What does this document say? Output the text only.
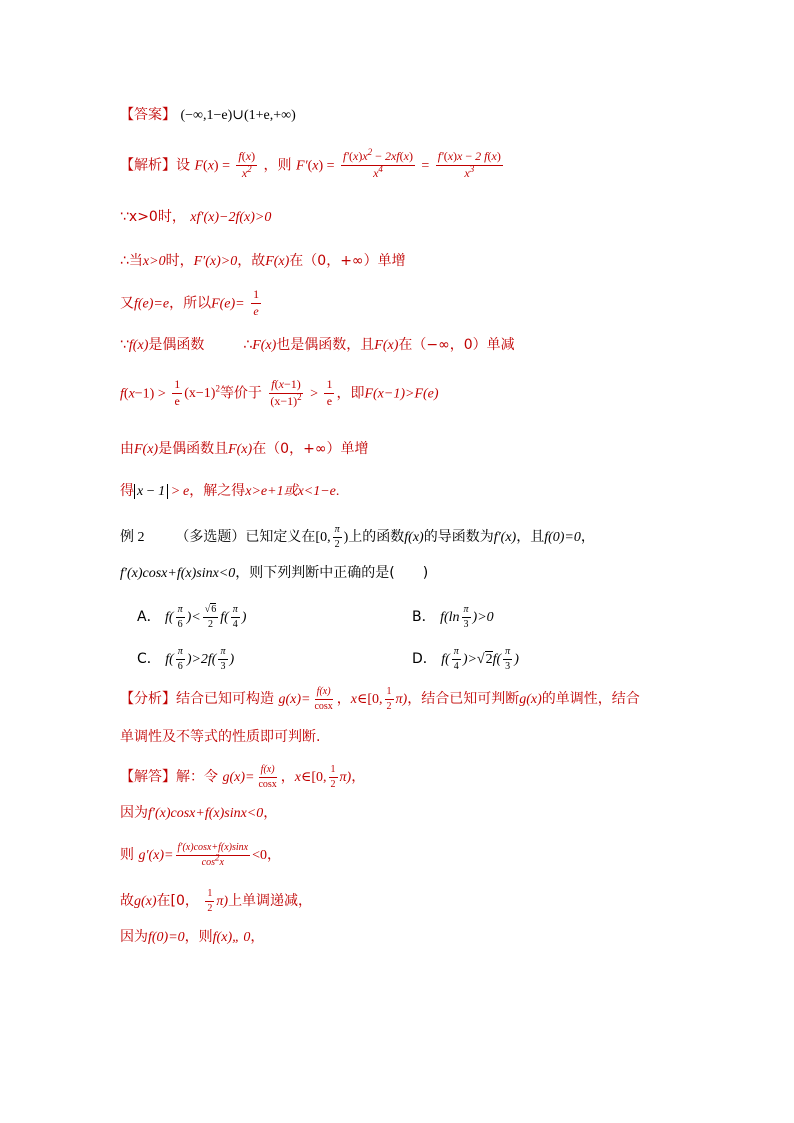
【答案】 (−∞,1−e)∪(1+e,+∞)
【解析】设 $F(x) = \frac{f(x)}{x^2}$ ，则 $F'(x) = \frac{f'(x)x^2 - 2xf(x)}{x^4} = \frac{f'(x)x - 2 f(x)}{x^3}$
∵x>0时， xf′(x)−2f(x)>0
∴当x>0时，F′(x)>0，故F(x)在（0，+∞）单增
又f(e)=e，所以$F(e)= \frac{1}{e}$
∵f(x)是偶函数	∴F(x)也是偶函数，且F(x)在（−∞，0）单减
$f(x-1) > \frac{1}{e} (x-1)^2$等价于 $\frac{f(x-1)}{(x-1)^2} > \frac{1}{e}$ ，即F(x−1)>F(e)
由F(x)是偶函数且F(x)在（0，+∞）单增
得 x − 1 > e，解之得x>e+1或x<1−e.
例 2 （多选题）已知定义在[0, $\frac{\pi}{2}$ )上的函数f(x)的导函数为f′(x)，且f(0)=0，
f′(x)cosx+f(x)sinx<0，则下列判断中正确的是(　　)
A． $f( \frac{\pi}{6}$ )< $\frac{√6}{2} f( \frac{\pi}{4}$ )	B． $f(\ln \frac{\pi}{3} )>0$
C． $f( \frac{\pi}{6} )>2f( \frac{\pi}{3}$ )	D． $f( \frac{\pi}{4} )>√2f( \frac{\pi}{3}$ )
【分析】结合已知可构造 $g(x)= \frac{f(x)}{\cos x}$ ，x∈[0, $\frac{1}{2} \pi$)，结合已知可判断g(x)的单调性，结合
单调性及不等式的性质即可判断.
【解答】解：令 $g(x)= \frac{f(x)}{\cos x}$ ，x∈[0, $\frac{1}{2} \pi$)，
因为f′(x)cosx+f(x)sinx<0，
则 $g'(x)= \frac{f'(x)\cos x+f(x)\sin x}{\cos^2x} <0$，
故g(x)在[0， $\frac{1}{2} \pi$)上单调递减，
因为f(0)=0，则f(x)„ 0，
